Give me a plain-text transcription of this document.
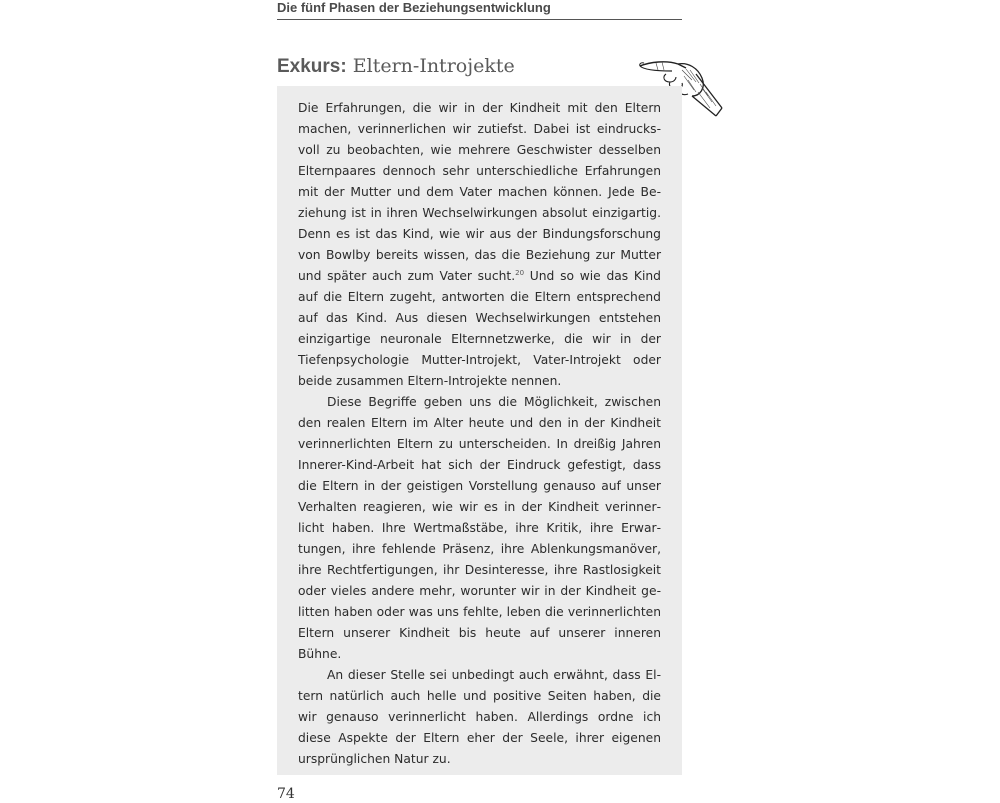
Die fünf Phasen der Beziehungsentwicklung
Exkurs: Eltern-Introjekte

Die Erfahrungen, die wir in der Kindheit mit den Eltern machen, verinnerlichen wir zutiefst. Dabei ist eindrucksvoll zu beobachten, wie mehrere Geschwister desselben Elternpaares dennoch sehr unterschiedliche Erfahrungen mit der Mutter und dem Vater machen können. Jede Beziehung ist in ihren Wechselwirkungen absolut einzigartig. Denn es ist das Kind, wie wir aus der Bindungsforschung von Bowlby bereits wissen, das die Beziehung zur Mutter und später auch zum Vater sucht.$^{20}$ Und so wie das Kind auf die Eltern zugeht, antworten die Eltern entsprechend auf das Kind. Aus diesen Wechselwirkungen entstehen einzigartige neuronale Elternnetzwerke, die wir in der Tiefenpsychologie Mutter-Introjekt, Vater-Introjekt oder beide zusammen Eltern-Introjekte nennen.

Diese Begriffe geben uns die Möglichkeit, zwischen den realen Eltern im Alter heute und den in der Kindheit verinnerlichten Eltern zu unterscheiden. In dreißig Jahren Innerer-Kind-Arbeit hat sich der Eindruck gefestigt, dass die Eltern in der geistigen Vorstellung genauso auf unser Verhalten reagieren, wie wir es in der Kindheit verinnerlicht haben. Ihre Wertmaßstäbe, ihre Kritik, ihre Erwartungen, ihre fehlende Präsenz, ihre Ablenkungsmanöver, ihre Rechtfertigungen, ihr Desinteresse, ihre Rastlosigkeit oder vieles andere mehr, worunter wir in der Kindheit gelitten haben oder was uns fehlte, leben die verinnerlichten Eltern unserer Kindheit bis heute auf unserer inneren Bühne.

An dieser Stelle sei unbedingt auch erwähnt, dass Eltern natürlich auch helle und positive Seiten haben, die wir genauso verinnerlicht haben. Allerdings ordne ich diese Aspekte der Eltern eher der Seele, ihrer eigenen ursprünglichen Natur zu.

74
